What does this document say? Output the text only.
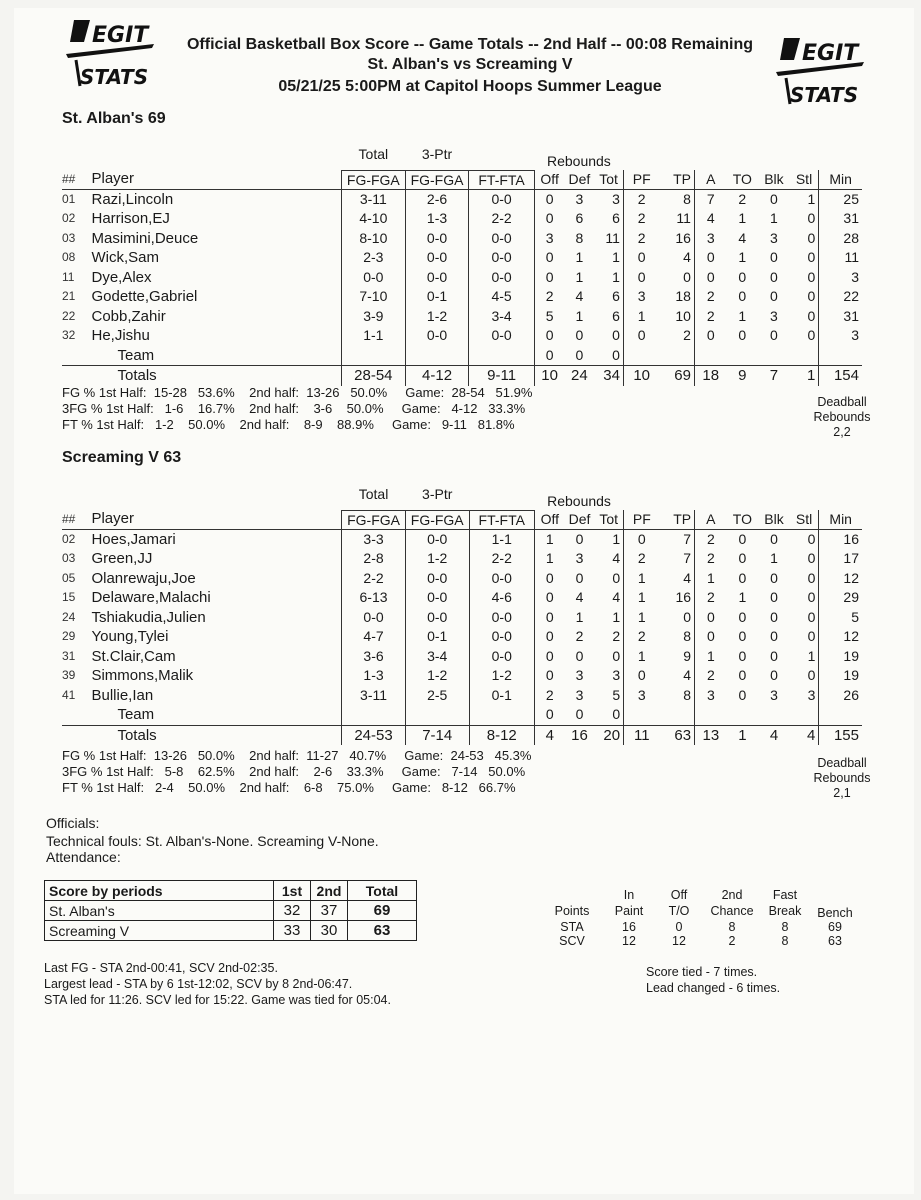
EGIT
STATS
EGIT
STATS
Official Basketball Box Score -- Game Totals -- 2nd Half -- 00:08 Remaining
St. Alban's vs Screaming V
05/21/25 5:00PM at Capitol Hoops Summer League
St. Alban's 69
		Total	3-Ptr		Rebounds									
##	Player	FG-FGA	FG-FGA	FT-FTA	Off	Def	Tot	PF	TP	A	TO	Blk	Stl	Min
01	Razi,Lincoln	3-11	2-6	0-0	0	3	3	2	8	7	2	0	1	25
02	Harrison,EJ	4-10	1-3	2-2	0	6	6	2	11	4	1	1	0	31
03	Masimini,Deuce	8-10	0-0	0-0	3	8	11	2	16	3	4	3	0	28
08	Wick,Sam	2-3	0-0	0-0	0	1	1	0	4	0	1	0	0	11
11	Dye,Alex	0-0	0-0	0-0	0	1	1	0	0	0	0	0	0	3
21	Godette,Gabriel	7-10	0-1	4-5	2	4	6	3	18	2	0	0	0	22
22	Cobb,Zahir	3-9	1-2	3-4	5	1	6	1	10	2	1	3	0	31
32	He,Jishu	1-1	0-0	0-0	0	0	0	0	2	0	0	0	0	3
	Team				0	0	0							
	Totals	28-54	4-12	9-11	10	24	34	10	69	18	9	7	1	154
FG % 1st Half:  15-28   53.6%    2nd half:  13-26   50.0%     Game:  28-54   51.9%
3FG % 1st Half:   1-6    16.7%    2nd half:    3-6    50.0%     Game:   4-12   33.3%
FT % 1st Half:   1-2    50.0%    2nd half:    8-9    88.9%     Game:   9-11   81.8%
Deadball
Rebounds
2,2
Screaming V 63
		Total	3-Ptr		Rebounds									
##	Player	FG-FGA	FG-FGA	FT-FTA	Off	Def	Tot	PF	TP	A	TO	Blk	Stl	Min
02	Hoes,Jamari	3-3	0-0	1-1	1	0	1	0	7	2	0	0	0	16
03	Green,JJ	2-8	1-2	2-2	1	3	4	2	7	2	0	1	0	17
05	Olanrewaju,Joe	2-2	0-0	0-0	0	0	0	1	4	1	0	0	0	12
15	Delaware,Malachi	6-13	0-0	4-6	0	4	4	1	16	2	1	0	0	29
24	Tshiakudia,Julien	0-0	0-0	0-0	0	1	1	1	0	0	0	0	0	5
29	Young,Tylei	4-7	0-1	0-0	0	2	2	2	8	0	0	0	0	12
31	St.Clair,Cam	3-6	3-4	0-0	0	0	0	1	9	1	0	0	1	19
39	Simmons,Malik	1-3	1-2	1-2	0	3	3	0	4	2	0	0	0	19
41	Bullie,Ian	3-11	2-5	0-1	2	3	5	3	8	3	0	3	3	26
	Team				0	0	0							
	Totals	24-53	7-14	8-12	4	16	20	11	63	13	1	4	4	155
FG % 1st Half:  13-26   50.0%    2nd half:  11-27   40.7%     Game:  24-53   45.3%
3FG % 1st Half:   5-8    62.5%    2nd half:    2-6    33.3%     Game:   7-14   50.0%
FT % 1st Half:   2-4    50.0%    2nd half:    6-8    75.0%     Game:   8-12   66.7%
Deadball
Rebounds
2,1
Officials:
Technical fouls: St. Alban's-None. Screaming V-None.
Attendance:
Score by periods	1st	2nd	Total
St. Alban's	32	37	69
Screaming V	33	30	63
	In	Off	2nd	Fast	
Points	Paint	T/O	Chance	Break	Bench
STA	16	0	8	8	69
SCV	12	12	2	8	63
Last FG - STA 2nd-00:41, SCV 2nd-02:35.
Largest lead - STA by 6 1st-12:02, SCV by 8 2nd-06:47.
STA led for 11:26. SCV led for 15:22. Game was tied for 05:04.
Score tied - 7 times.
Lead changed - 6 times.
